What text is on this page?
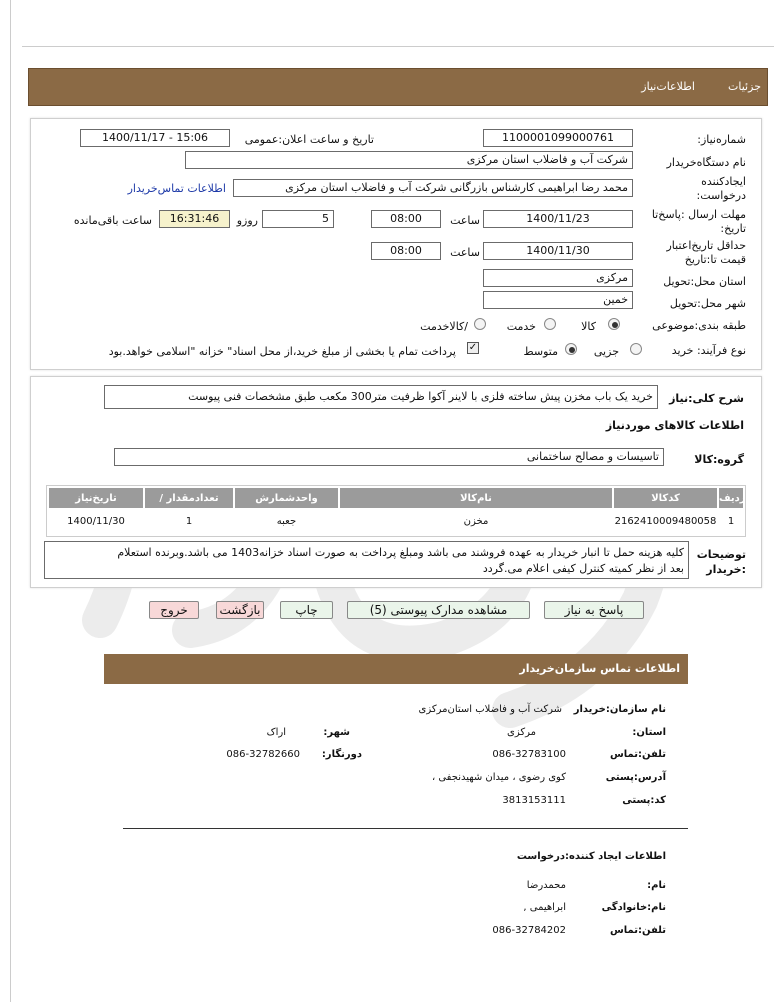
جزئیات
اطلاعات‌نیاز
شماره‌نیاز:
1100001099000761
تاریخ و ساعت اعلان:عمومی
1400/11/17 - 15:06
نام دستگاه‌خریدار
شرکت آب و فاضلاب استان مرکزی
ایجادکننده
درخواست:
محمد رضا ابراهیمی کارشناس بازرگانی شرکت آب و فاضلاب استان مرکزی
اطلاعات تماس‌خریدار
مهلت ارسال :پاسخ‌تا
تاریخ:
1400/11/23
ساعت
08:00
5
روزو
16:31:46
ساعت باقی‌مانده
حداقل تاریخ‌اعتبار
قیمت تا:تاریخ
1400/11/30
ساعت
08:00
استان محل:تحویل
مرکزی
شهر محل:تحویل
خمین
طبقه بندی:موضوعی
کالا
خدمت
/کالاخدمت
نوع فرآیند: خرید
جزیی
متوسط
✓
پرداخت تمام یا بخشی از مبلغ خرید،از محل اسناد" خزانه "اسلامی خواهد.بود
شرح کلی:نیاز
خرید یک باب مخزن پیش ساخته فلزی با لاینر آکوا ظرفیت متر300 مکعب طبق مشخصات فنی پیوست
اطلاعات کالاهای موردنیاز
گروه:کالا
تاسیسات و مصالح ساختمانی
ردیف
کدکالا
نام‌کالا
واحدشمارش
/ تعدادمقدار
تاریخ‌نیاز
1
2162410009480058
مخزن
جعبه
1
1400/11/30
توضیحات
:خریدار
کلیه هزینه حمل تا انبار خریدار به عهده فروشند می باشد ومبلغ پرداخت به صورت اسناد خزانه1403 می باشد.وبرنده استعلام
بعد از نظر کمیته کنترل کیفی اعلام می.گردد
پاسخ به نیاز
مشاهده مدارک پیوستی (5)
چاپ
بازگشت
خروج
اطلاعات تماس سازمان‌خریدار
نام سازمان:خریدار
شرکت آب و فاضلاب استان‌مرکزی
استان:
مرکزی
شهر:
اراک
تلفن:تماس
086-32783100
دورنگار:
086-32782660
آدرس:پستی
کوی رضوی ، میدان شهیدنجفی ،
کد:پستی
3813153111
اطلاعات ایجاد کننده:درخواست
نام:
محمدرضا
نام:خانوادگی
ابراهیمی ,
تلفن:تماس
086-32784202
